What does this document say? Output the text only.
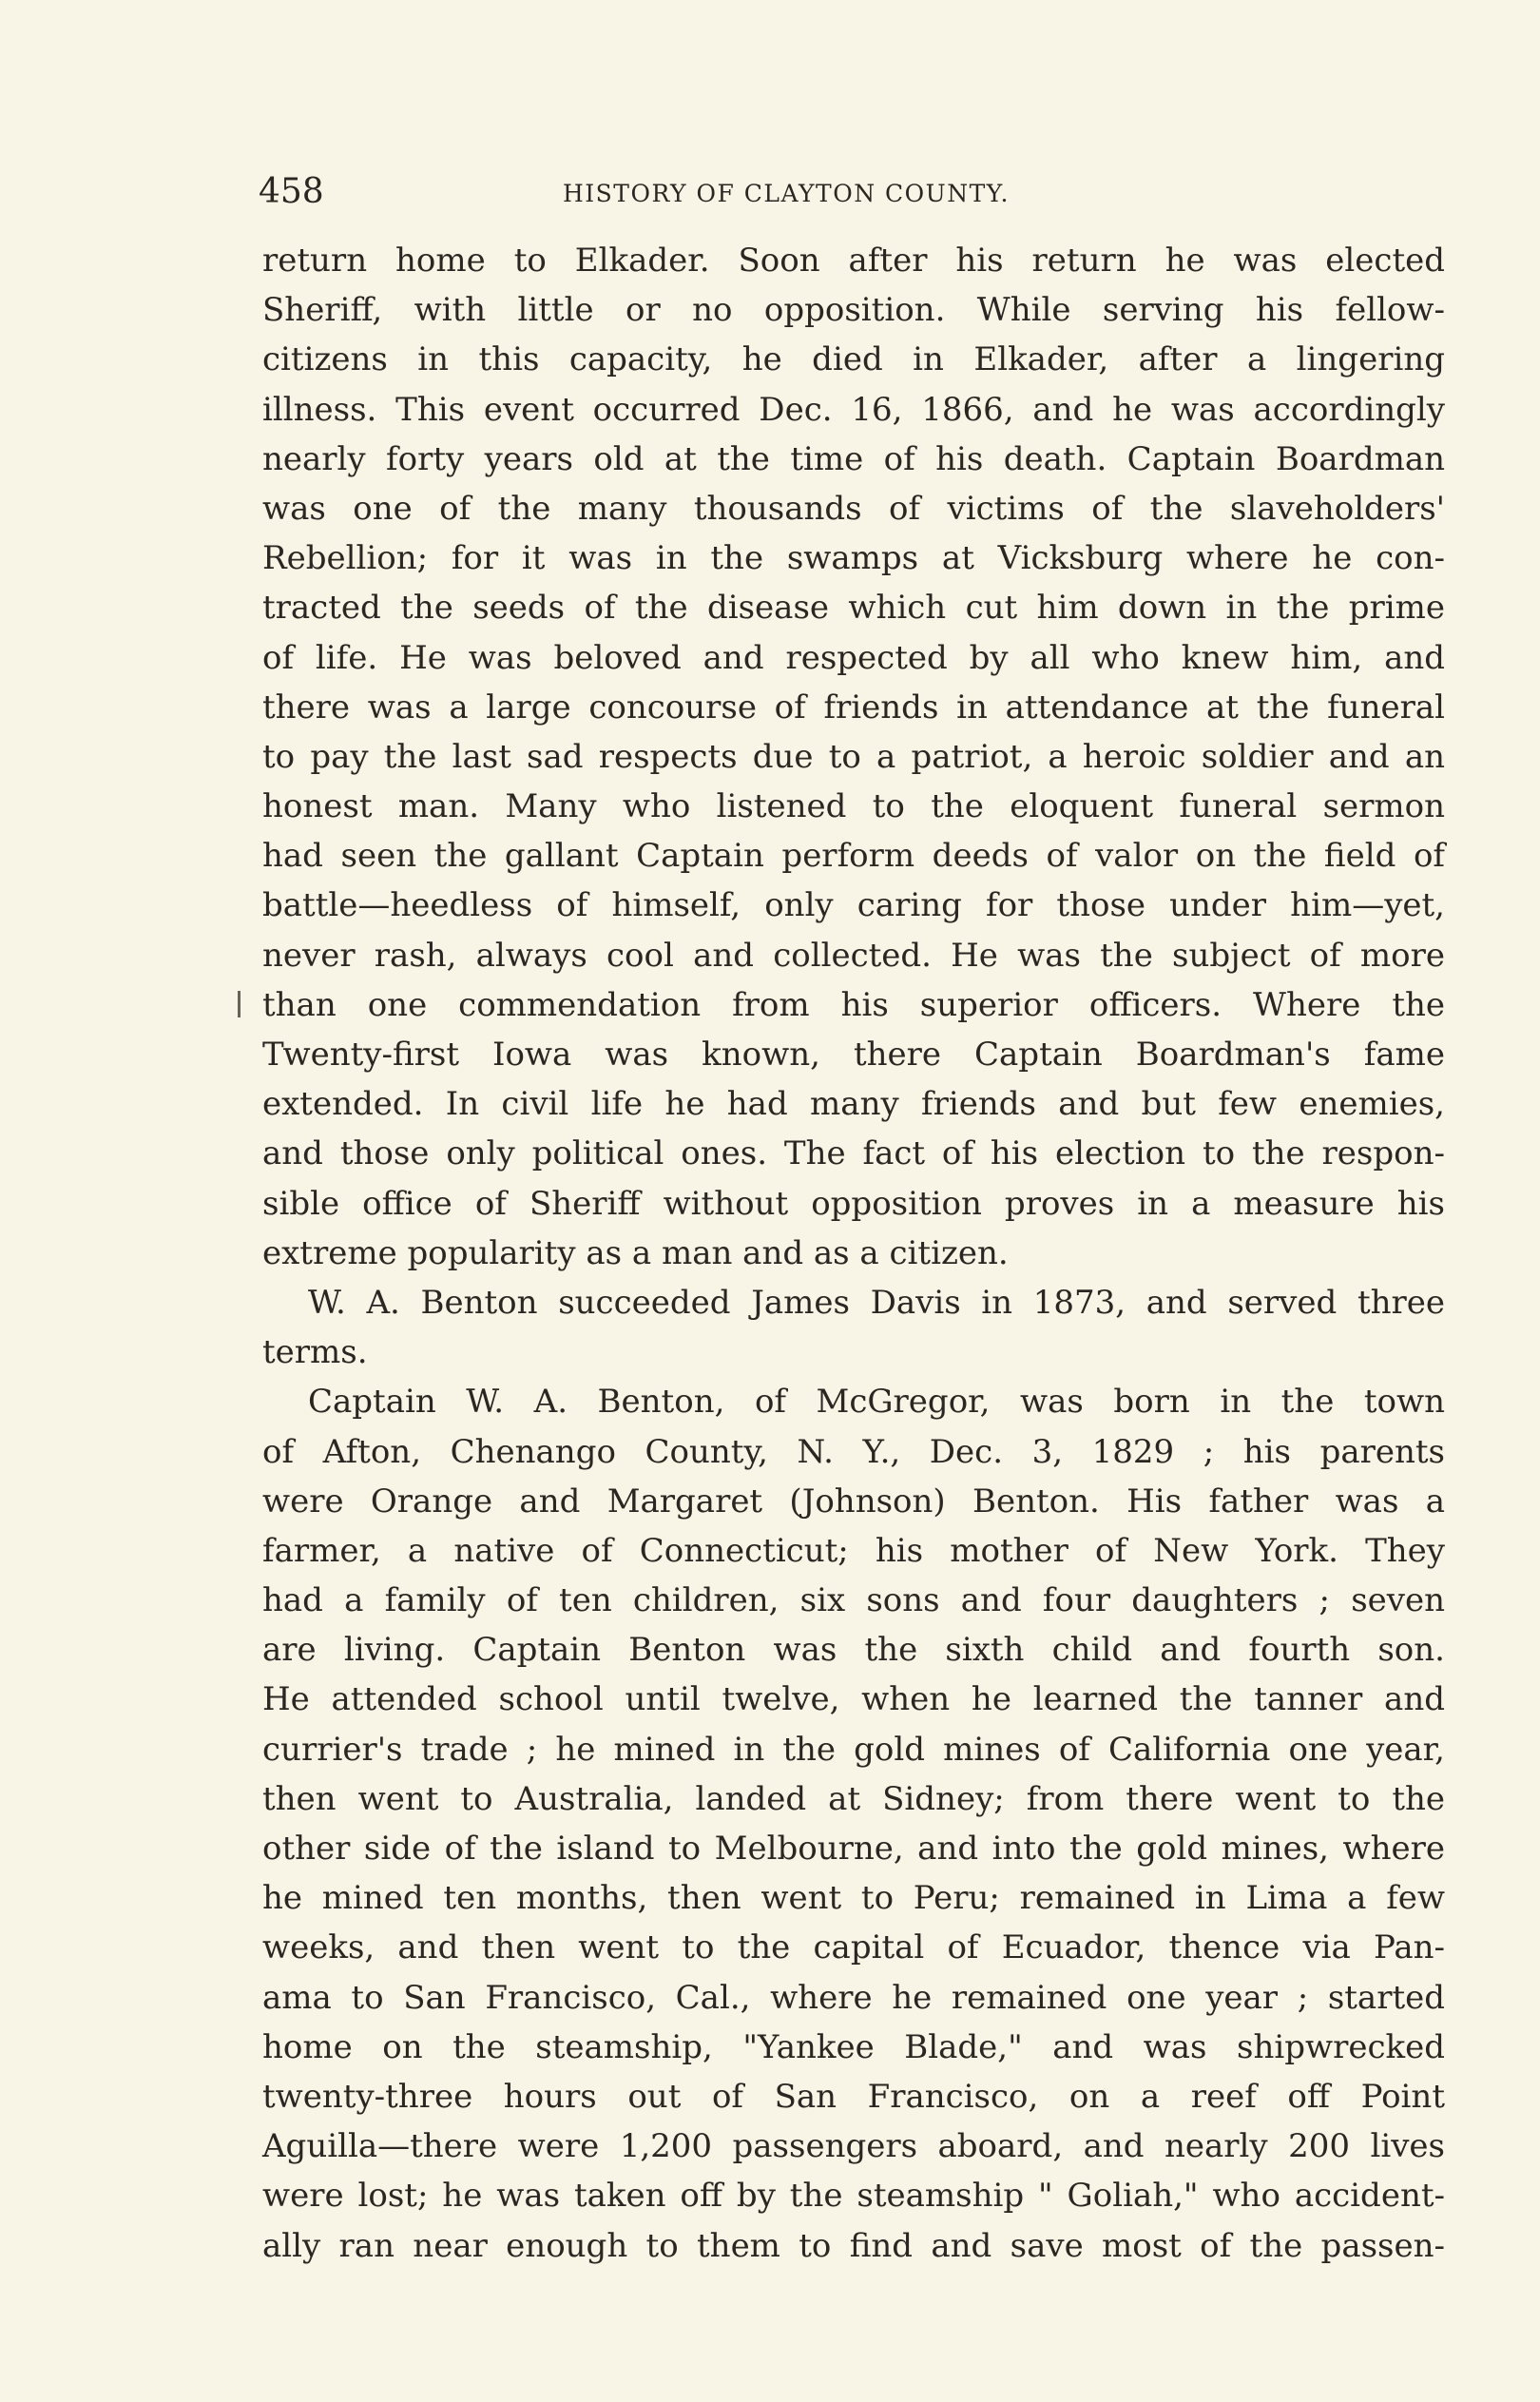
458	HISTORY OF CLAYTON COUNTY.
return home to Elkader. Soon after his return he was elected
Sheriff, with little or no opposition. While serving his fellow-
citizens in this capacity, he died in Elkader, after a lingering
illness. This event occurred Dec. 16, 1866, and he was accordingly
nearly forty years old at the time of his death. Captain Boardman
was one of the many thousands of victims of the slaveholders'
Rebellion; for it was in the swamps at Vicksburg where he con-
tracted the seeds of the disease which cut him down in the prime
of life. He was beloved and respected by all who knew him, and
there was a large concourse of friends in attendance at the funeral
to pay the last sad respects due to a patriot, a heroic soldier and an
honest man. Many who listened to the eloquent funeral sermon
had seen the gallant Captain perform deeds of valor on the field of
battle—heedless of himself, only caring for those under him—yet,
never rash, always cool and collected. He was the subject of more
than one commendation from his superior officers. Where the
Twenty-first Iowa was known, there Captain Boardman's fame
extended. In civil life he had many friends and but few enemies,
and those only political ones. The fact of his election to the respon-
sible office of Sheriff without opposition proves in a measure his
extreme popularity as a man and as a citizen.
W. A. Benton succeeded James Davis in 1873, and served three
terms.
Captain W. A. Benton, of McGregor, was born in the town
of Afton, Chenango County, N. Y., Dec. 3, 1829 ; his parents
were Orange and Margaret (Johnson) Benton. His father was a
farmer, a native of Connecticut; his mother of New York. They
had a family of ten children, six sons and four daughters ; seven
are living. Captain Benton was the sixth child and fourth son.
He attended school until twelve, when he learned the tanner and
currier's trade ; he mined in the gold mines of California one year,
then went to Australia, landed at Sidney; from there went to the
other side of the island to Melbourne, and into the gold mines, where
he mined ten months, then went to Peru; remained in Lima a few
weeks, and then went to the capital of Ecuador, thence via Pan-
ama to San Francisco, Cal., where he remained one year ; started
home on the steamship, "Yankee Blade," and was shipwrecked
twenty-three hours out of San Francisco, on a reef off Point
Aguilla—there were 1,200 passengers aboard, and nearly 200 lives
were lost; he was taken off by the steamship " Goliah," who accident-
ally ran near enough to them to find and save most of the passen-
